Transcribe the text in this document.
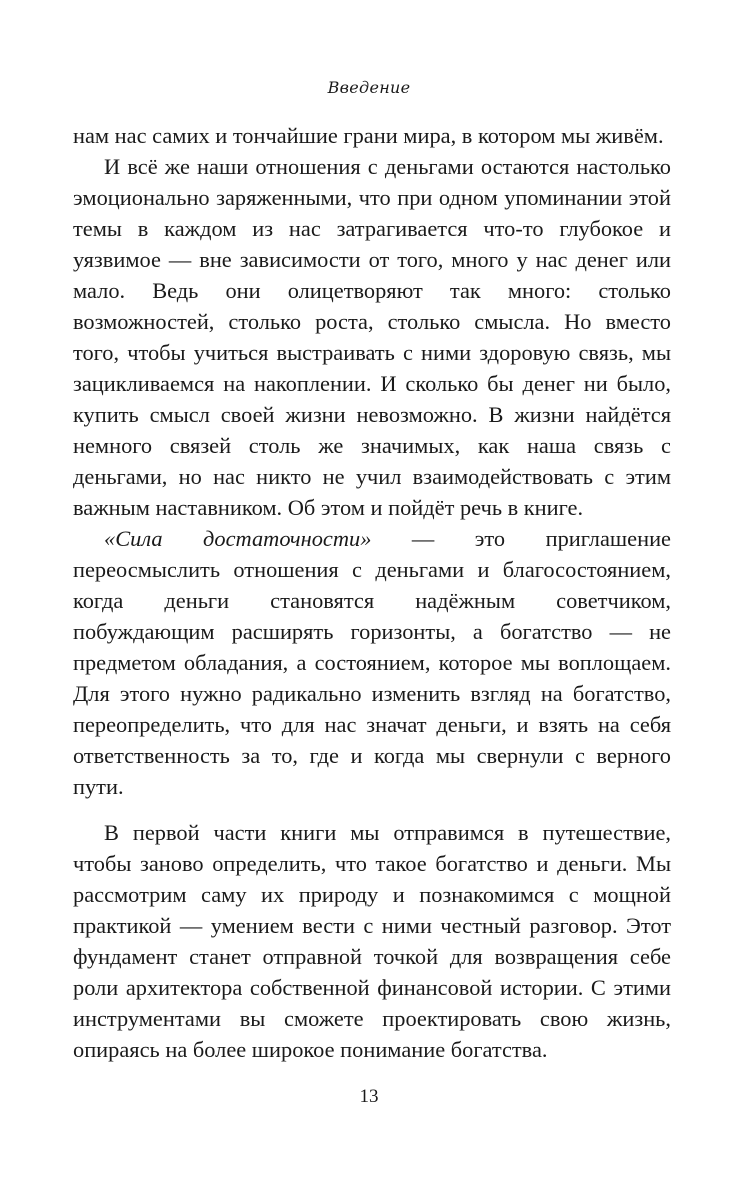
Введение

нам нас самих и тончайшие грани мира, в котором мы живём.

И всё же наши отношения с деньгами остаются настолько эмоционально заряженными, что при одном упоминании этой темы в каждом из нас затрагивается что-то глубокое и уязвимое — вне зависимости от того, много у нас денег или мало. Ведь они олицетворяют так много: столько возможностей, столько роста, столько смысла. Но вместо того, чтобы учиться выстраивать с ними здоровую связь, мы зацикливаемся на накоплении. И сколько бы денег ни было, купить смысл своей жизни невозможно. В жизни найдётся немного связей столь же значимых, как наша связь с деньгами, но нас никто не учил взаимодействовать с этим важным наставником. Об этом и пойдёт речь в книге.

«Сила достаточности» — это приглашение переосмыслить отношения с деньгами и благосостоянием, когда деньги становятся надёжным советчиком, побуждающим расширять горизонты, а богатство — не предметом обладания, а состоянием, которое мы воплощаем. Для этого нужно радикально изменить взгляд на богатство, переопределить, что для нас значат деньги, и взять на себя ответственность за то, где и когда мы свернули с верного пути.

В первой части книги мы отправимся в путешествие, чтобы заново определить, что такое богатство и деньги. Мы рассмотрим саму их природу и познакомимся с мощной практикой — умением вести с ними честный разговор. Этот фундамент станет отправной точкой для возвращения себе роли архитектора собственной финансовой истории. С этими инструментами вы сможете проектировать свою жизнь, опираясь на более широкое понимание богатства.

13
